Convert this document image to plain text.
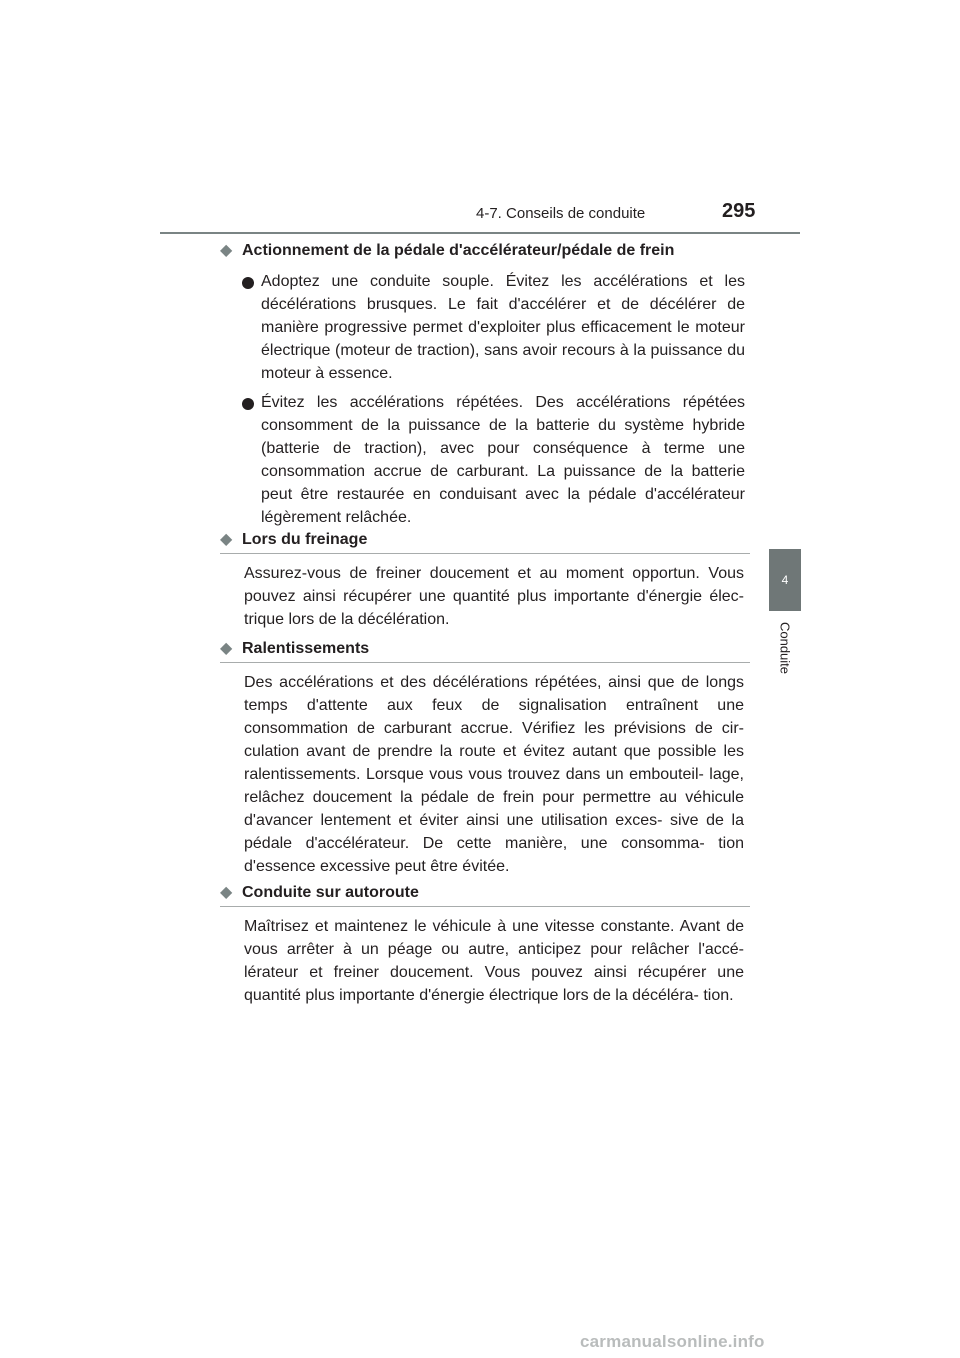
4-7. Conseils de conduite	295
4
Conduite
◆ Actionnement de la pédale d'accélérateur/pédale de frein
Adoptez une conduite souple. Évitez les accélérations et les décélérations brusques. Le fait d'accélérer et de décélérer de manière progressive permet d'exploiter plus efficacement le moteur électrique (moteur de traction), sans avoir recours à la puissance du moteur à essence.
Évitez les accélérations répétées. Des accélérations répétées consomment de la puissance de la batterie du système hybride (batterie de traction), avec pour conséquence à terme une consommation accrue de carburant. La puissance de la batterie peut être restaurée en conduisant avec la pédale d'accélérateur légèrement relâchée.
◆ Lors du freinage
Assurez-vous de freiner doucement et au moment opportun. Vous pouvez ainsi récupérer une quantité plus importante d'énergie élec- trique lors de la décélération.
◆ Ralentissements
Des accélérations et des décélérations répétées, ainsi que de longs temps d'attente aux feux de signalisation entraînent une consommation de carburant accrue. Vérifiez les prévisions de cir- culation avant de prendre la route et évitez autant que possible les ralentissements. Lorsque vous vous trouvez dans un embouteil- lage, relâchez doucement la pédale de frein pour permettre au véhicule d'avancer lentement et éviter ainsi une utilisation exces- sive de la pédale d'accélérateur. De cette manière, une consomma- tion d'essence excessive peut être évitée.
◆ Conduite sur autoroute
Maîtrisez et maintenez le véhicule à une vitesse constante. Avant de vous arrêter à un péage ou autre, anticipez pour relâcher l'accé- lérateur et freiner doucement. Vous pouvez ainsi récupérer une quantité plus importante d'énergie électrique lors de la décéléra- tion.
carmanualsonline.info
